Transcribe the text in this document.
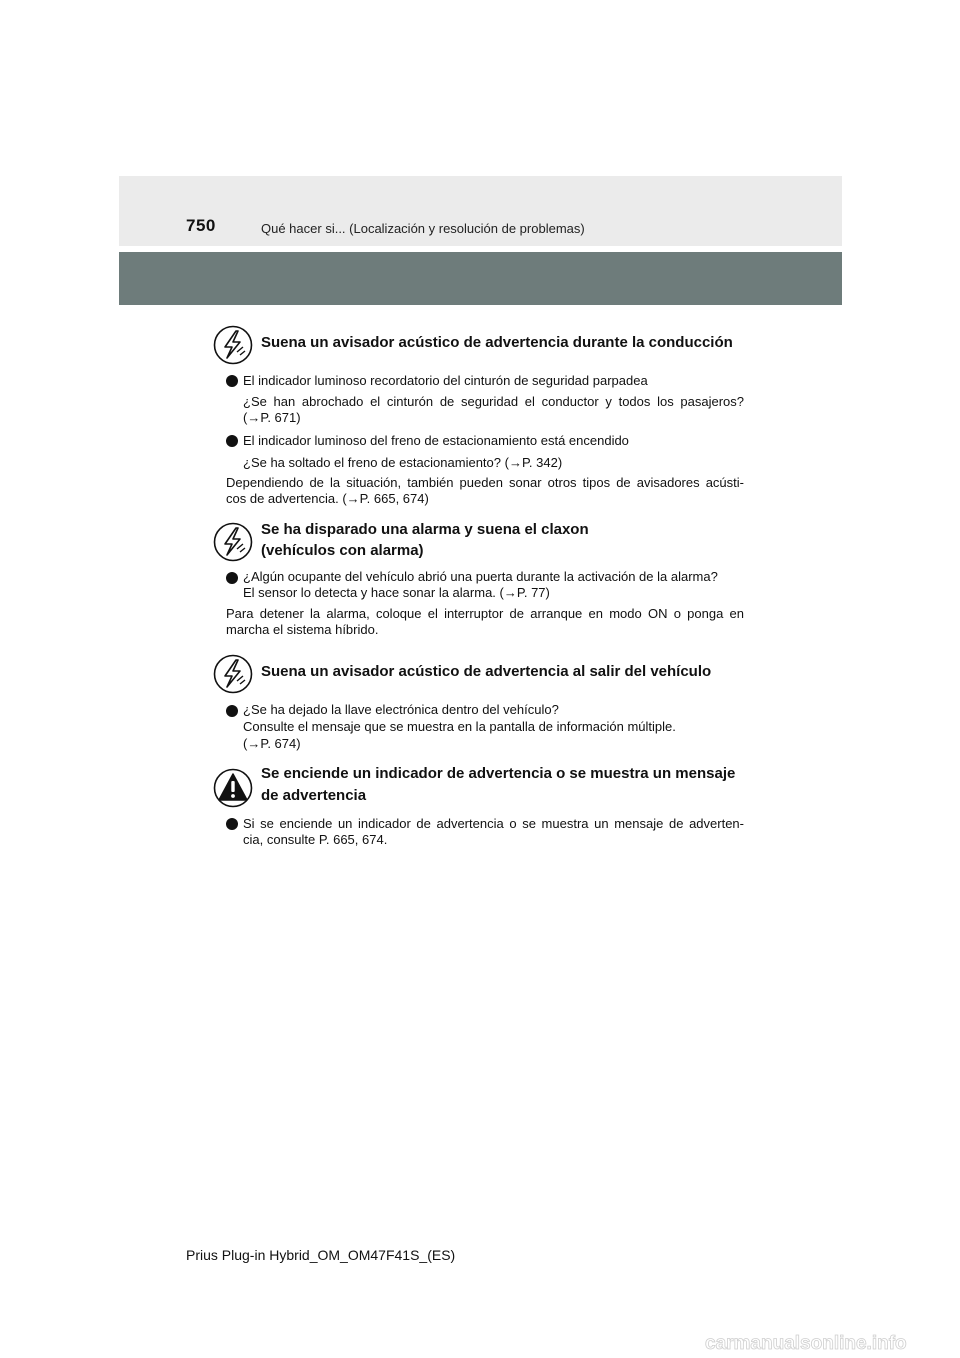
750	Qué hacer si... (Localización y resolución de problemas)
Suena un avisador acústico de advertencia durante la conducción
El indicador luminoso recordatorio del cinturón de seguridad parpadea
¿Se han abrochado el cinturón de seguridad el conductor y todos los pasajeros?
(→P. 671)
El indicador luminoso del freno de estacionamiento está encendido
¿Se ha soltado el freno de estacionamiento? (→P. 342)
Dependiendo de la situación, también pueden sonar otros tipos de avisadores acústi-
cos de advertencia. (→P. 665, 674)
Se ha disparado una alarma y suena el claxon
(vehículos con alarma)
¿Algún ocupante del vehículo abrió una puerta durante la activación de la alarma?
El sensor lo detecta y hace sonar la alarma. (→P. 77)
Para detener la alarma, coloque el interruptor de arranque en modo ON o ponga en
marcha el sistema híbrido.
Suena un avisador acústico de advertencia al salir del vehículo
¿Se ha dejado la llave electrónica dentro del vehículo?
Consulte el mensaje que se muestra en la pantalla de información múltiple.
(→P. 674)
Se enciende un indicador de advertencia o se muestra un mensaje
de advertencia
Si se enciende un indicador de advertencia o se muestra un mensaje de adverten-
cia, consulte P. 665, 674.
Prius Plug-in Hybrid_OM_OM47F41S_(ES)
carmanualsonline.info
